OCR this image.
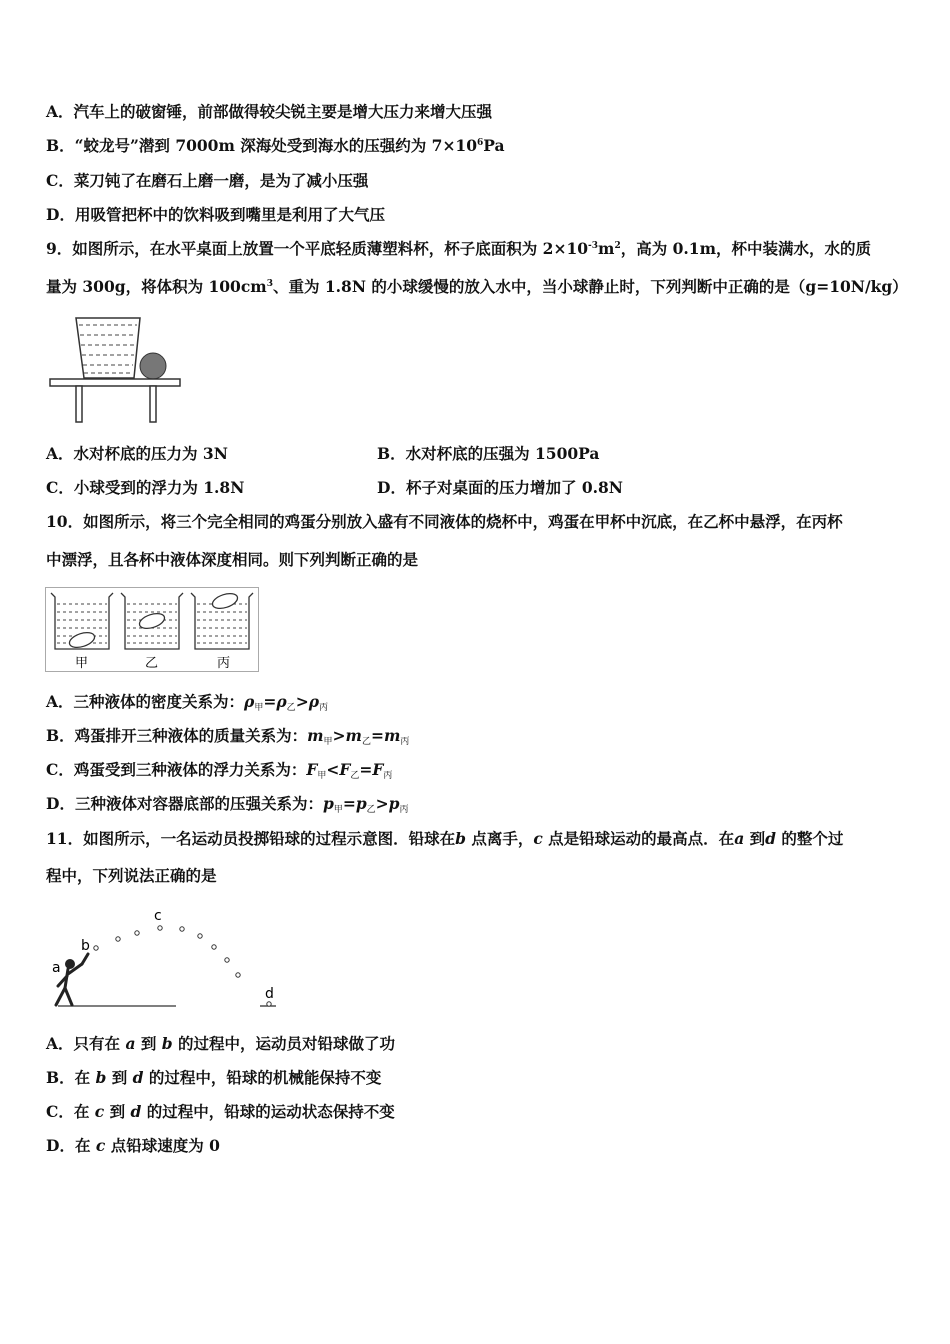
A．汽车上的破窗锤，前部做得较尖锐主要是增大压力来增大压强
B．“蛟龙号”潜到 7000m 深海处受到海水的压强约为 $7\times 10^6Pa$
C．菜刀钝了在磨石上磨一磨，是为了减小压强
D．用吸管把杯中的饮料吸到嘴里是利用了大气压
9．如图所示，在水平桌面上放置一个平底轻质薄塑料杯，杯子底面积为 $2\times 10^{-3}m^2$，高为 0.1m，杯中装满水，水的质
量为 300g，将体积为 $100cm^3$、重为 1.8N 的小球缓慢的放入水中，当小球静止时，下列判断中正确的是（g=10N/kg）
A．水对杯底的压力为 3N	B．水对杯底的压强为 1500Pa
C．小球受到的浮力为 1.8N	D．杯子对桌面的压力增加了 0.8N
10．如图所示，将三个完全相同的鸡蛋分别放入盛有不同液体的烧杯中，鸡蛋在甲杯中沉底，在乙杯中悬浮，在丙杯
中漂浮，且各杯中液体深度相同。则下列判断正确的是
甲	乙	丙
A．三种液体的密度关系为：$\rho_甲=\rho_乙>\rho_丙$
B．鸡蛋排开三种液体的质量关系为：$m_甲>m_乙=m_丙$
C．鸡蛋受到三种液体的浮力关系为：$F_甲<F_乙=F_丙$
D．三种液体对容器底部的压强关系为：$p_甲=p_乙>p_丙$
11．如图所示，一名运动员投掷铅球的过程示意图．铅球在b 点离手，c 点是铅球运动的最高点．在a 到d 的整个过
程中，下列说法正确的是
a
b
c
d
A．只有在 a 到 b 的过程中，运动员对铅球做了功
B．在 b 到 d 的过程中，铅球的机械能保持不变
C．在 c 到 d 的过程中，铅球的运动状态保持不变
D．在 c 点铅球速度为 0
